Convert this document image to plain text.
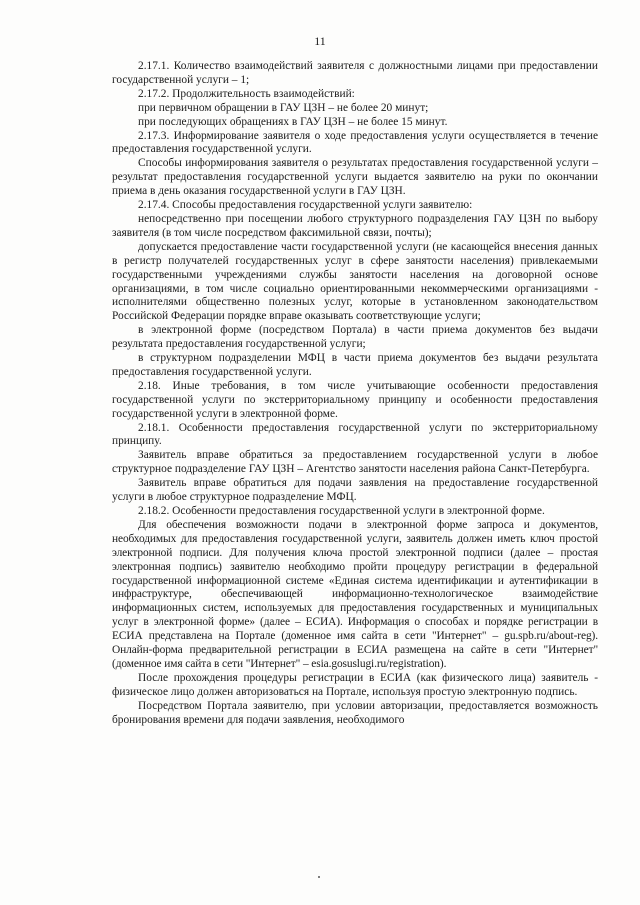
11

2.17.1. Количество взаимодействий заявителя с должностными лицами при предоставлении государственной услуги – 1;

2.17.2. Продолжительность взаимодействий:

при первичном обращении в ГАУ ЦЗН – не более 20 минут;

при последующих обращениях в ГАУ ЦЗН – не более 15 минут.

2.17.3. Информирование заявителя о ходе предоставления услуги осуществляется в течение предоставления государственной услуги.

Способы информирования заявителя о результатах предоставления государственной услуги – результат предоставления государственной услуги выдается заявителю на руки по окончании приема в день оказания государственной услуги в ГАУ ЦЗН.

2.17.4. Способы предоставления государственной услуги заявителю:

непосредственно при посещении любого структурного подразделения ГАУ ЦЗН по выбору заявителя (в том числе посредством факсимильной связи, почты);

допускается предоставление части государственной услуги (не касающейся внесения данных в регистр получателей государственных услуг в сфере занятости населения) привлекаемыми государственными учреждениями службы занятости населения на договорной основе организациями, в том числе социально ориентированными некоммерческими организациями - исполнителями общественно полезных услуг, которые в установленном законодательством Российской Федерации порядке вправе оказывать соответствующие услуги;

в электронной форме (посредством Портала) в части приема документов без выдачи результата предоставления государственной услуги;

в структурном подразделении МФЦ в части приема документов без выдачи результата предоставления государственной услуги.

2.18. Иные требования, в том числе учитывающие особенности предоставления государственной услуги по экстерриториальному принципу и особенности предоставления государственной услуги в электронной форме.

2.18.1. Особенности предоставления государственной услуги по экстерриториальному принципу.

Заявитель вправе обратиться за предоставлением государственной услуги в любое структурное подразделение ГАУ ЦЗН – Агентство занятости населения района Санкт-Петербурга.

Заявитель вправе обратиться для подачи заявления на предоставление государственной услуги в любое структурное подразделение МФЦ.

2.18.2. Особенности предоставления государственной услуги в электронной форме.

Для обеспечения возможности подачи в электронной форме запроса и документов, необходимых для предоставления государственной услуги, заявитель должен иметь ключ простой электронной подписи. Для получения ключа простой электронной подписи (далее – простая электронная подпись) заявителю необходимо пройти процедуру регистрации в федеральной государственной информационной системе «Единая система идентификации и аутентификации в инфраструктуре, обеспечивающей информационно-технологическое взаимодействие информационных систем, используемых для предоставления государственных и муниципальных услуг в электронной форме» (далее – ЕСИА). Информация о способах и порядке регистрации в ЕСИА представлена на Портале (доменное имя сайта в сети "Интернет" – gu.spb.ru/about-reg). Онлайн-форма предварительной регистрации в ЕСИА размещена на сайте в сети "Интернет" (доменное имя сайта в сети "Интернет" – esia.gosuslugi.ru/registration).

После прохождения процедуры регистрации в ЕСИА (как физического лица) заявитель - физическое лицо должен авторизоваться на Портале, используя простую электронную подпись.

Посредством Портала заявителю, при условии авторизации, предоставляется возможность бронирования времени для подачи заявления, необходимого
